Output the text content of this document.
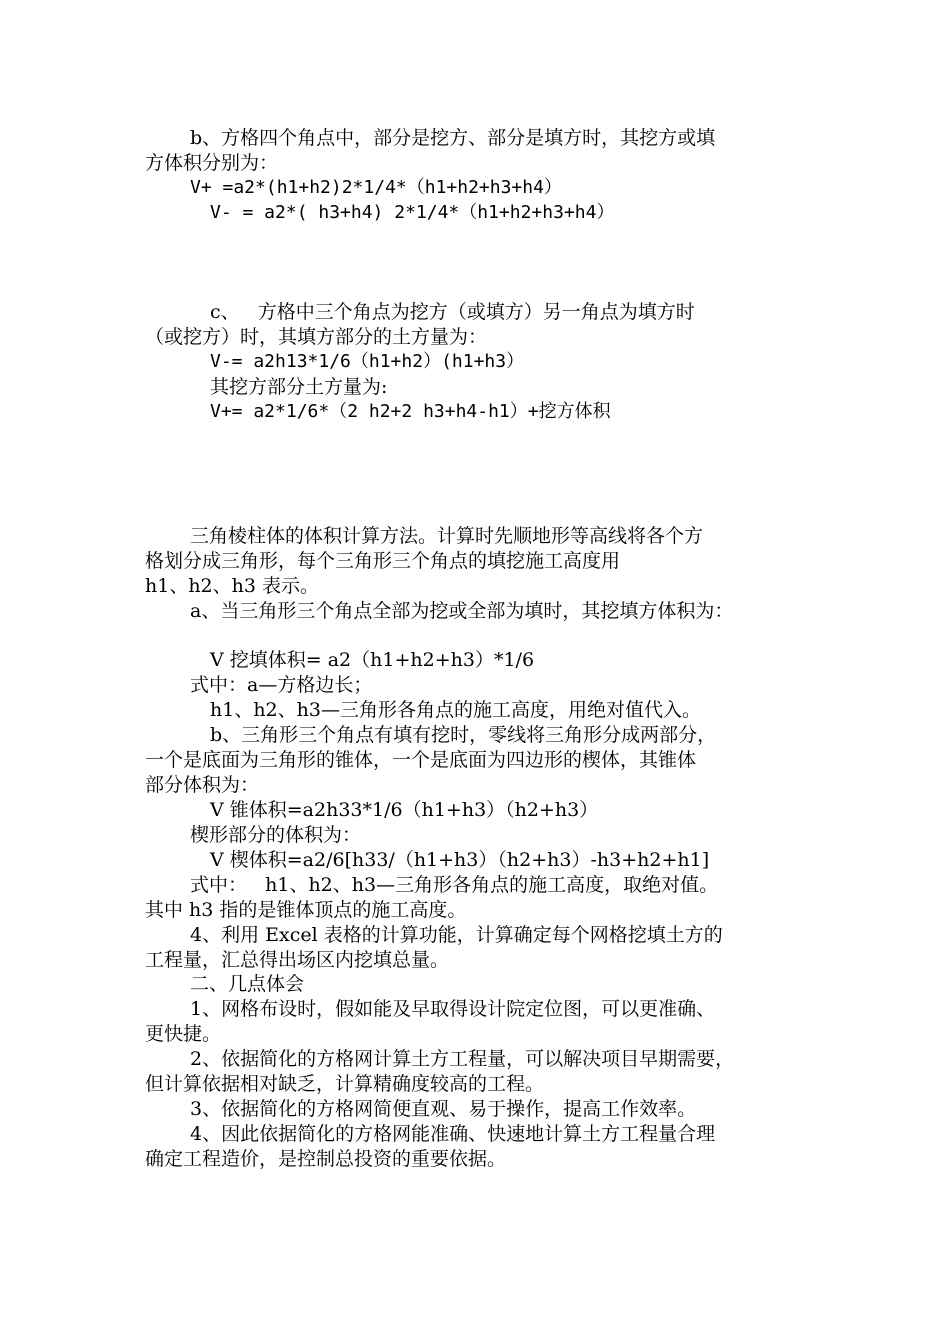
b、方格四个角点中，部分是挖方、部分是填方时，其挖方或填
方体积分别为：
V+ =a2*(h1+h2)2*1/4*（h1+h2+h3+h4）
V- = a2*( h3+h4) 2*1/4*（h1+h2+h3+h4）
c、   方格中三个角点为挖方（或填方）另一角点为填方时
（或挖方）时，其填方部分的土方量为：
V-= a2h13*1/6（h1+h2）(h1+h3）
其挖方部分土方量为:
V+= a2*1/6*（2 h2+2 h3+h4-h1）+挖方体积
三角棱柱体的体积计算方法。计算时先顺地形等高线将各个方
格划分成三角形，每个三角形三个角点的填挖施工高度用
h1、h2、h3 表示。
a、当三角形三个角点全部为挖或全部为填时，其挖填方体积为：
V 挖填体积= a2（h1+h2+h3）*1/6
式中：a—方格边长；
h1、h2、h3—三角形各角点的施工高度，用绝对值代入。
b、三角形三个角点有填有挖时，零线将三角形分成两部分，
一个是底面为三角形的锥体，一个是底面为四边形的楔体，其锥体
部分体积为：
V 锥体积=a2h33*1/6（h1+h3）（h2+h3）
楔形部分的体积为：
V 楔体积=a2/6[h33/（h1+h3）（h2+h3）-h3+h2+h1]
式中：   h1、h2、h3—三角形各角点的施工高度，取绝对值。
其中 h3 指的是锥体顶点的施工高度。
4、利用 Excel 表格的计算功能，计算确定每个网格挖填土方的
工程量，汇总得出场区内挖填总量。
二、几点体会
1、网格布设时，假如能及早取得设计院定位图，可以更准确、
更快捷。
2、依据简化的方格网计算土方工程量，可以解决项目早期需要，
但计算依据相对缺乏，计算精确度较高的工程。
3、依据简化的方格网简便直观、易于操作，提高工作效率。
4、因此依据简化的方格网能准确、快速地计算土方工程量合理
确定工程造价，是控制总投资的重要依据。
